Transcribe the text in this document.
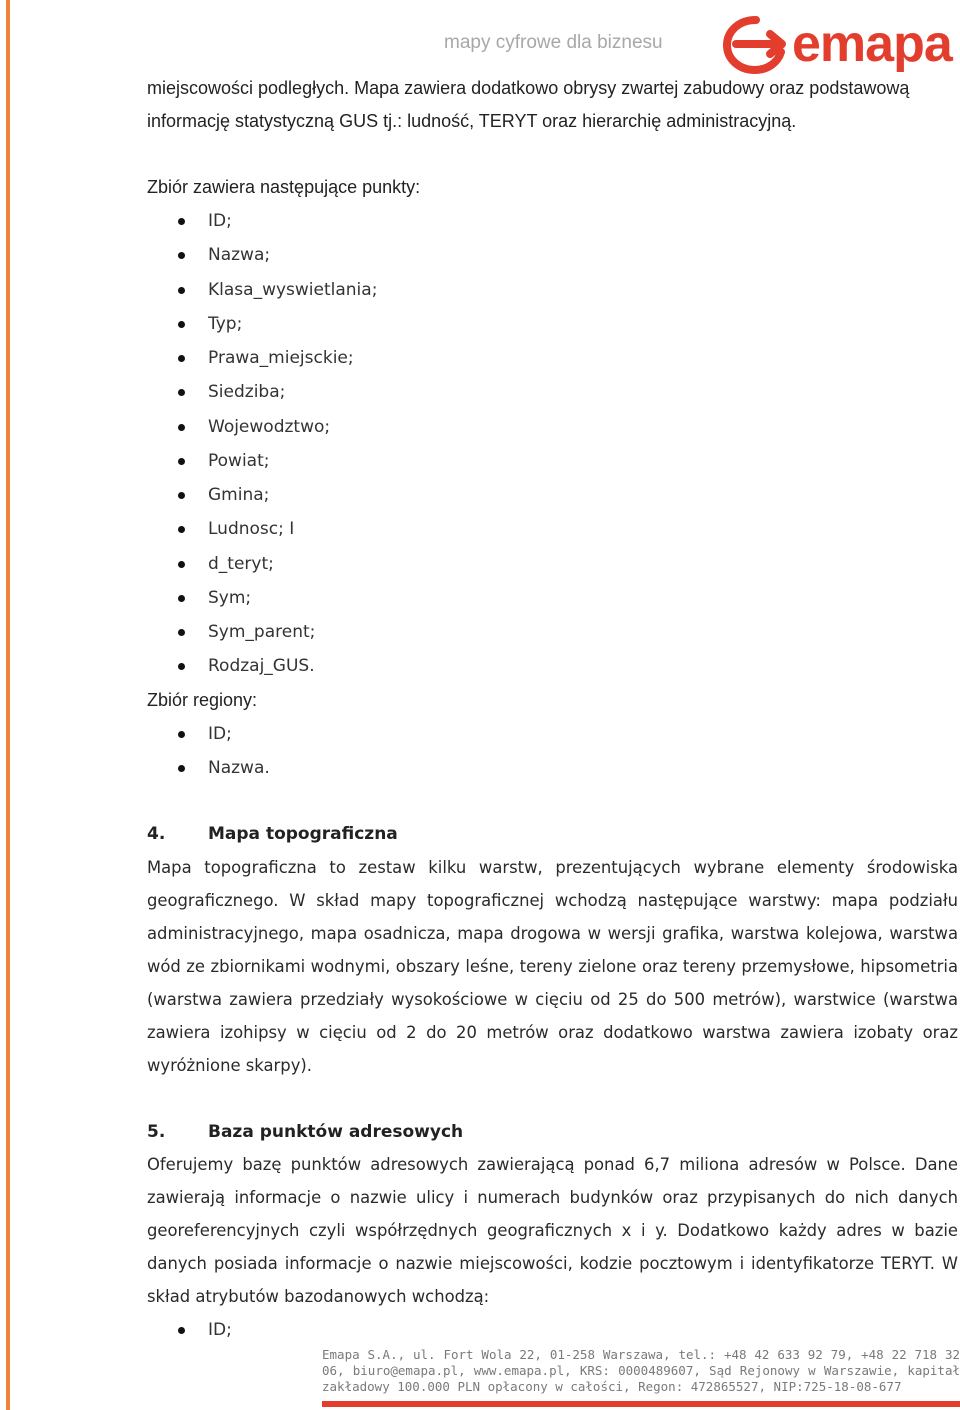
mapy cyfrowe dla biznesu emapa
miejscowości podległych. Mapa zawiera dodatkowo obrysy zwartej zabudowy oraz podstawową
informację statystyczną GUS tj.: ludność, TERYT oraz hierarchię administracyjną.
Zbiór zawiera następujące punkty:
ID;
Nazwa;
Klasa_wyswietlania;
Typ;
Prawa_miejsckie;
Siedziba;
Wojewodztwo;
Powiat;
Gmina;
Ludnosc; I
d_teryt;
Sym;
Sym_parent;
Rodzaj_GUS.
Zbiór regiony:
ID;
Nazwa.
4.	Mapa topograficzna

Mapa topograficzna to zestaw kilku warstw, prezentujących wybrane elementy środowiska geograficznego. W skład mapy topograficznej wchodzą następujące warstwy: mapa podziału administracyjnego, mapa osadnicza, mapa drogowa w wersji grafika, warstwa kolejowa, warstwa wód ze zbiornikami wodnymi, obszary leśne, tereny zielone oraz tereny przemysłowe, hipsometria (warstwa zawiera przedziały wysokościowe w cięciu od 25 do 500 metrów), warstwice (warstwa zawiera izohipsy w cięciu od 2 do 20 metrów oraz dodatkowo warstwa zawiera izobaty oraz wyróżnione skarpy).

5.	Baza punktów adresowych

Oferujemy bazę punktów adresowych zawierającą ponad 6,7 miliona adresów w Polsce. Dane zawierają informacje o nazwie ulicy i numerach budynków oraz przypisanych do nich danych georeferencyjnych czyli współrzędnych geograficznych x i y. Dodatkowo każdy adres w bazie danych posiada informacje o nazwie miejscowości, kodzie pocztowym i identyfikatorze TERYT. W skład atrybutów bazodanowych wchodzą:

ID;
Emapa S.A., ul. Fort Wola 22, 01-258 Warszawa, tel.: +48 42 633 92 79, +48 22 718 32 06, biuro@emapa.pl, www.emapa.pl, KRS: 0000489607, Sąd Rejonowy w Warszawie, kapitał zakładowy 100.000 PLN opłacony w całości, Regon: 472865527, NIP:725-18-08-677
